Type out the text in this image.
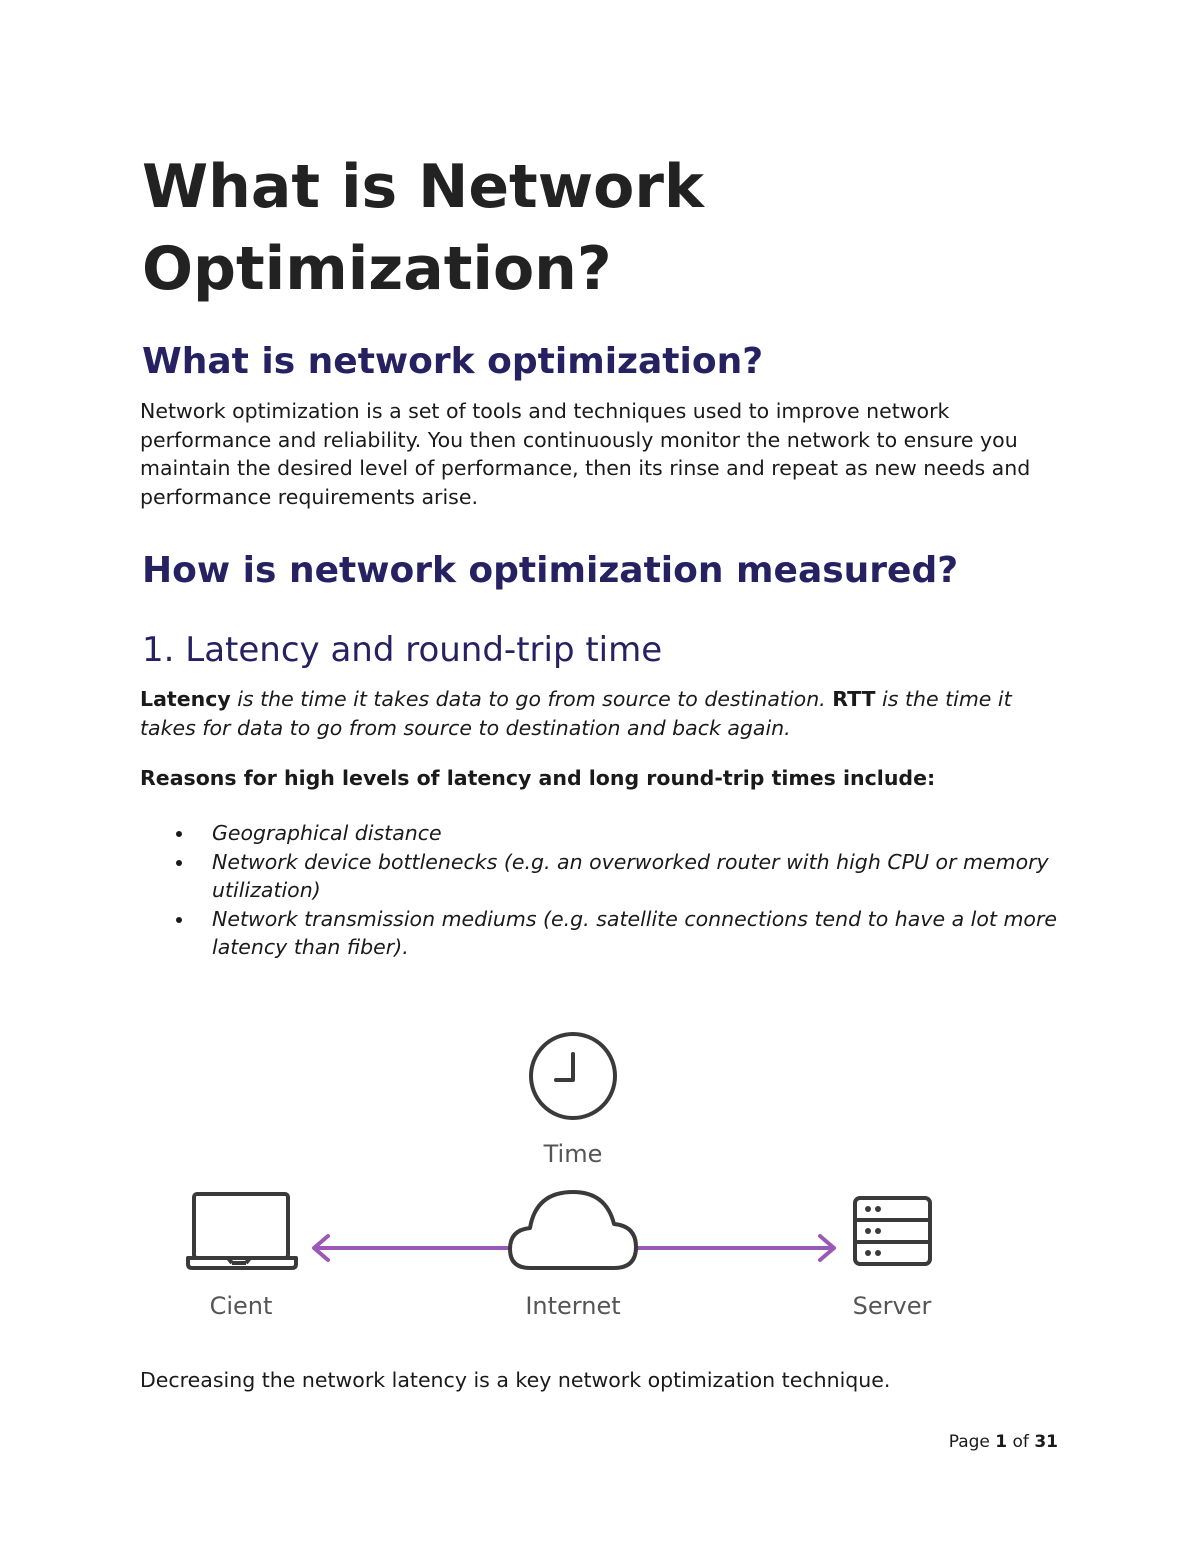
What is Network
Optimization?
What is network optimization?

Network optimization is a set of tools and techniques used to improve network performance and reliability. You then continuously monitor the network to ensure you maintain the desired level of performance, then its rinse and repeat as new needs and performance requirements arise.

How is network optimization measured?
1. Latency and round-trip time

Latency is the time it takes data to go from source to destination. RTT is the time it takes for data to go from source to destination and back again.

Reasons for high levels of latency and long round-trip times include:

Geographical distance
Network device bottlenecks (e.g. an overworked router with high CPU or memory utilization)
Network transmission mediums (e.g. satellite connections tend to have a lot more latency than fiber).
Time
Cient	Internet	Server

Decreasing the network latency is a key network optimization technique.

Page 1 of 31
